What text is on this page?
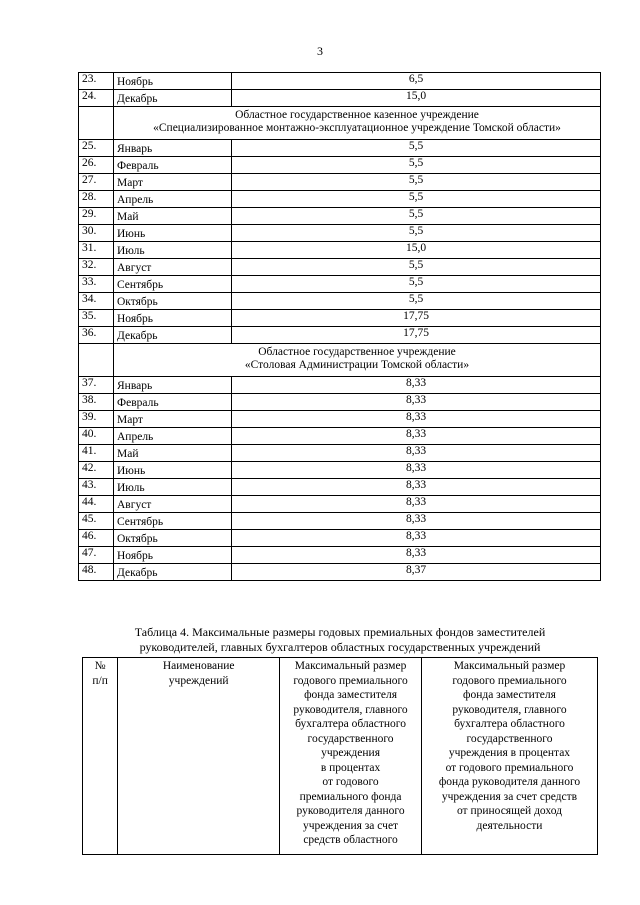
3
23.	Ноябрь	6,5
24.	Декабрь	15,0

	Областное государственное казенное учреждение
«Специализированное монтажно-эксплуатационное учреждение Томской области»	

25.	Январь	5,5
26.	Февраль	5,5
27.	Март	5,5
28.	Апрель	5,5
29.	Май	5,5
30.	Июнь	5,5
31.	Июль	15,0
32.	Август	5,5
33.	Сентябрь	5,5
34.	Октябрь	5,5
35.	Ноябрь	17,75
36.	Декабрь	17,75

	Областное государственное учреждение
«Столовая Администрации Томской области»	

37.	Январь	8,33
38.	Февраль	8,33
39.	Март	8,33
40.	Апрель	8,33
41.	Май	8,33
42.	Июнь	8,33
43.	Июль	8,33
44.	Август	8,33
45.	Сентябрь	8,33
46.	Октябрь	8,33
47.	Ноябрь	8,33
48.	Декабрь	8,37
Таблица 4. Максимальные размеры годовых премиальных фондов заместителей
руководителей, главных бухгалтеров областных государственных учреждений
№
п/п

Наименование
учреждений

Максимальный размер
годового премиального
фонда заместителя
руководителя, главного
бухгалтера областного
государственного
учреждения
в процентах
от годового
премиального фонда
руководителя данного
учреждения за счет
средств областного

Максимальный размер
годового премиального
фонда заместителя
руководителя, главного
бухгалтера областного
государственного
учреждения в процентах
от годового премиального
фонда руководителя данного
учреждения за счет средств
от приносящей доход
деятельности
